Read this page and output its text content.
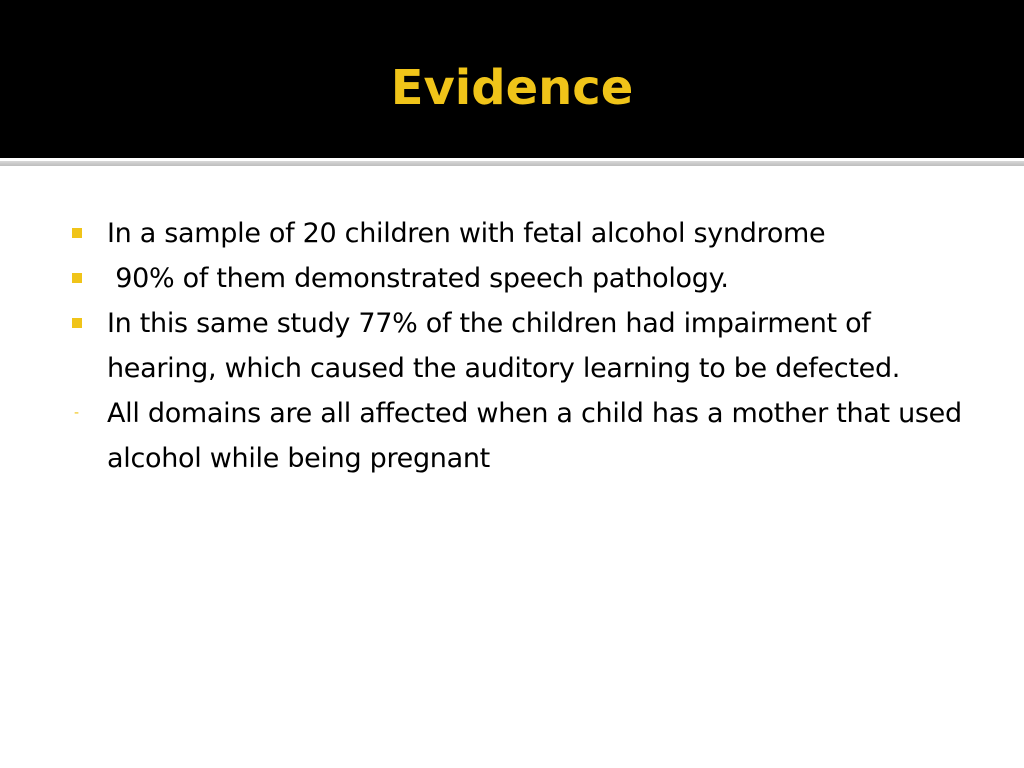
Evidence
In a sample of 20 children with fetal alcohol syndrome
90% of them demonstrated speech pathology.
In this same study 77% of the children had impairment of hearing, which caused the auditory learning to be defected.
- All domains are all affected when a child has a mother that used alcohol while being pregnant
